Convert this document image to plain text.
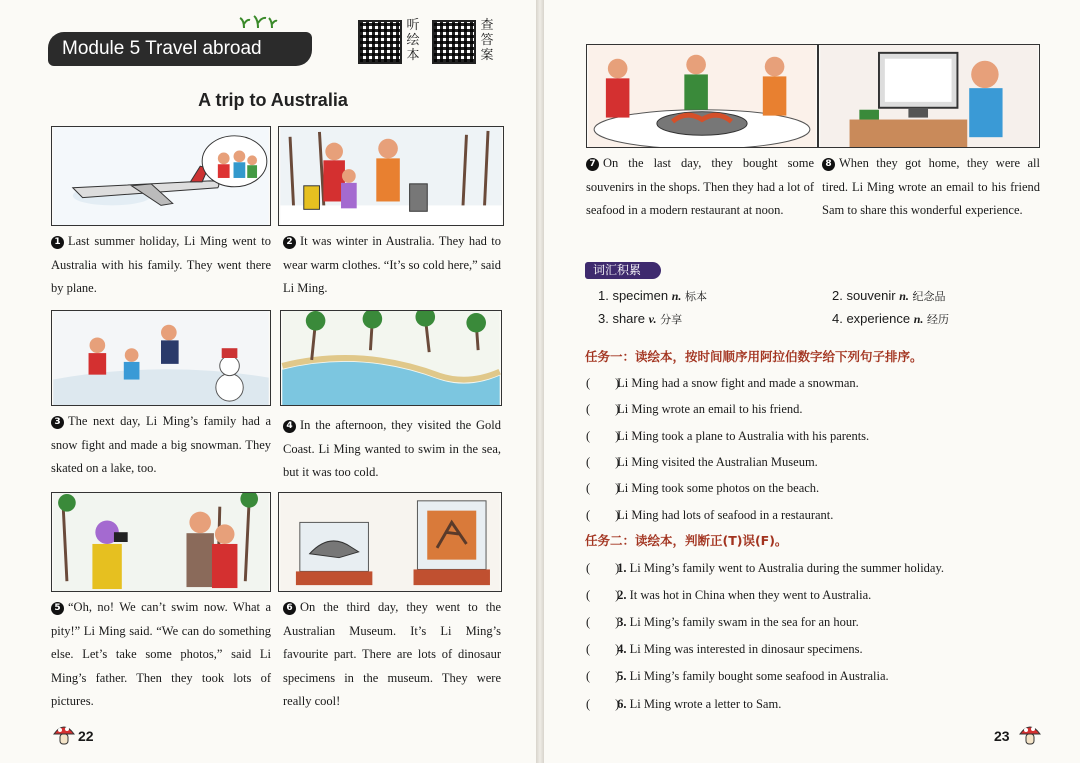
Module 5 Travel abroad
听绘本
查答案
A trip to Australia
1 Last summer holiday, Li Ming went to Australia with his family. They went there by plane.
2 It was winter in Australia. They had to wear warm clothes. “It’s so cold here,” said Li Ming.
3 The next day, Li Ming’s family had a snow fight and made a big snowman. They skated on a lake, too.
4 In the afternoon, they visited the Gold Coast. Li Ming wanted to swim in the sea, but it was too cold.
5 “Oh, no! We can’t swim now. What a pity!” Li Ming said. “We can do something else. Let’s take some photos,” said Li Ming’s father. Then they took lots of pictures.
6 On the third day, they went to the Australian Museum. It’s Li Ming’s favourite part. There are lots of dinosaur specimens in the museum. They were really cool!
7 On the last day, they bought some souvenirs in the shops. Then they had a lot of seafood in a modern restaurant at noon.
8 When they got home, they were all tired. Li Ming wrote an email to his friend Sam to share this wonderful experience.
词汇积累
1. specimen n. 标本	2. souvenir n. 纪念品
3. share v. 分享	4. experience n. 经历
任务一：读绘本，按时间顺序用阿拉伯数字给下列句子排序。
(　　) Li Ming had a snow fight and made a snowman.
(　　) Li Ming wrote an email to his friend.
(　　) Li Ming took a plane to Australia with his parents.
(　　) Li Ming visited the Australian Museum.
(　　) Li Ming took some photos on the beach.
(　　) Li Ming had lots of seafood in a restaurant.
任务二：读绘本，判断正(T)误(F)。
(　　) 1. Li Ming’s family went to Australia during the summer holiday.
(　　) 2. It was hot in China when they went to Australia.
(　　) 3. Li Ming’s family swam in the sea for an hour.
(　　) 4. Li Ming was interested in dinosaur specimens.
(　　) 5. Li Ming’s family bought some seafood in Australia.
(　　) 6. Li Ming wrote a letter to Sam.
22	23
